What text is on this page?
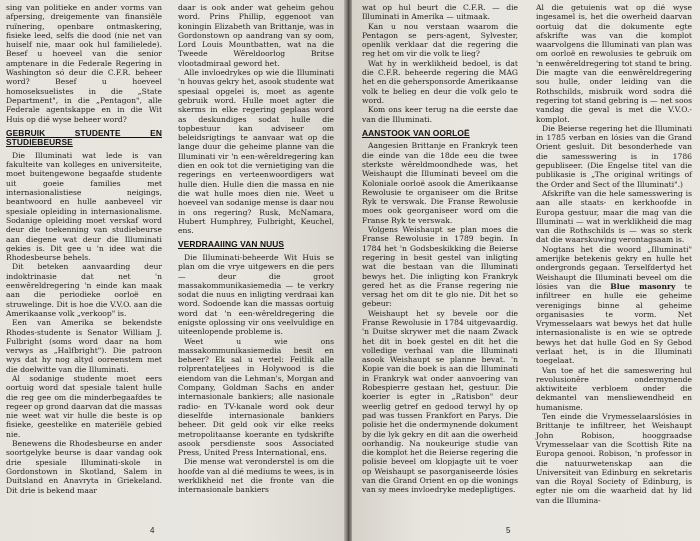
sing van politieke en ander vorms van afpersing, dreigemente van finansiële ruïnering, openbare ontmaskering, fisieke leed, selfs die dood (nie net van huiself nie, maar ook hul familielede). Besef u hoeveel van die senior amptenare in die Federale Regering in Washington só deur die C.F.R. beheer word? Besef u hoeveel homoseksuelistes in die „State Department", in die „Pentagon", alle Federale agentskappe en in die Wit Huis op dié wyse beheer word?

GEBRUIK STUDENTE EN STUDIEBEURSE

Die Illuminati wat lede is van fakulteite van kolleges en universiteite, moet buitengewone begaafde studente uit goeie families met internasionalistiese neigings, beantwoord en hulle aanbeveel vir spesiale opleiding in internasionalisme. Sodanige opleiding moet verskaf word deur die toekenning van studiebeurse aan diegene wat deur die Illuminati gekies is. Dit gee u 'n idee wat die Rhodesbeurse behels.

Dit beteken aanvaarding deur indoktrinasie dat net 'n eenwêreldregering 'n einde kan maak aan die periodieke oorloë en struwelinge. Dit is hoe die V.V.O. aan die Amerikaanse volk „verkoop" is.

Een van Amerika se bekendste Rhodes-studente is Senator William J. Fulbright (soms word daar na hom verwys as „Halfbright"). Die patroon wys dat hy nog altyd ooreenstem met die doelwitte van die Illuminati.

Al sodanige studente moet eers oortuig word dat spesiale talent hulle die reg gee om die minderbegaafdes te regeer op grond daarvan dat die massas nie weet wat vir hulle die beste is op fisieke, geestelike en materiële gebied nie.

Benewens die Rhodesbeurse en ander soortgelyke beurse is daar vandag ook drie spesiale Illuminati-skole in Gordonstown in Skotland, Salem in Duitsland en Anavryta in Griekeland. Dit drie is bekend maar

daar is ook ander wat geheim gehou word. Prins Phillip, eggenoot van koningin Elizabeth van Brittanje, was in Gordonstown op aandrang van sy oom, Lord Louis Mountbatten, wat na die Tweede Wêreldoorlog Britse vlootadmiraal geword het.

Alle invloedrykes op wie die Illuminati 'n houvas gekry het, asook studente wat spesiaal opgelei is, moet as agente gebruik word. Hulle moet agter die skerms in elke regering geplaas word as deskundiges sodat hulle die topbestuur kan adviseer om beleidsrigtings te aanvaar wat op die lange duur die geheime planne van die Illuminati vir 'n een-wêreldregering kan dien en ook tot die vernietiging van die regerings en verteenwoordigers wat hulle dien. Hulle dien die massa en nie die wat hulle moes dien nie. Weet u hoeveel van sodanige mense is daar nou in ons regering? Rusk, McNamara, Hubert Humphrey, Fulbright, Keuchel, ens.

VERDRAAIING VAN NUUS

Die Illuminati-beheerde Wit Huis se plan om die vrye uitgewers en die pers — deur die groot massakommunikasiemedia — te verkry sodat die nuus en inligting verdraai kan word. Sodoende kan die massas oortuig word dat 'n een-wêreldregering die enigste oplossing vir ons veelvuldige en uiteenlopende probleme is.

Weet u wie ons massakommunikasiemedia besit en beheer? Ek sal u vertel: Feitlik alle rolprentateljees in Holywood is die eiendom van die Lehman's, Morgan and Company, Goldman Sachs en ander internasionale bankiers; alle nasionale radio- en TV-kanale word ook deur dieselfde internasionale bankiers beheer. Dit geld ook vir elke reeks metropolitaanse koerante en tydskrifte asook persdienste soos Associated Press, United Press International, ens.

Die mense wat veronderstel is om die hoofde van al dié mediums te wees, is in werklikheid net die fronte van die internasionale bankiers

4

wat op hul beurt die C.F.R. — die Illuminati in Amerika — uitmaak.

Kan u nou verstaan waarom die Pentagon se pers-agent, Sylvester, openlik verklaar dat die regering die reg het om vir die volk te lieg?

Wat hy in werklikheid bedoel, is dat die C.F.R. beheerde regering die MAG het en die gehersponsorde Amerikaanse volk te belieg en deur die volk gelo te word.

Kom ons keer terug na die eerste dae van die Illuminati.

AANSTOOK VAN OORLOË

Aangesien Brittanje en Frankryk teen die einde van die 18de eeu die twee sterkste wêreldmoondhede was, het Weishaupt die Illuminati beveel om die Koloniale oorloë asook die Amerikaanse Rewolusie te organiseer om die Britse Ryk te verswak. Die Franse Rewolusie moes ook georganiseer word om die Franse Ryk te verswak.

Volgens Weishaupt se plan moes die Franse Rewolusie in 1789 begin. In 1784 het 'n Godsbeskikking die Beierse regering in besit gestel van inligting wat die bestaan van die Illuminati bewys het. Die inligting kon Frankryk gered het as die Franse regering nie versag het om dit te glo nie. Dit het so gebeur:

Weishaupt het sy bevele oor die Franse Rewolusie in 1784 uitgevaardig. 'n Duitse skrywer met die naam Zwack het dit in boek gestel en dit het die volledige verhaal van die Illuminati asook Weishaupt se planne bevat. 'n Kopie van die boek is aan die Illuminati in Frankryk wat onder aanvoering van Robespierre gestaan het, gestuur. Die koerier is egter in „Ratisbon" deur weerlig getref en gedood terwyl hy op pad was tussen Frankfort en Parys. Die polisie het die ondermynende dokument by die lyk gekry en dit aan die owerheid oorhandig. Na noukeurige studie van die komplot het die Beierse regering die polisie beveel om klopjagte uit te voer op Weishaupt se pasorganiseerde lósies van die Grand Orient en op die wonings van sy mees invloedryke medepligtiges.

Al die getuienis wat op dié wyse ingesamel is, het die owerheid daarvan oortuig dat die dokumente egte afskrifte was van die komplot waarvolgens die Illuminati van plan was om oorloë en rewolusies te gebruik om 'n eenwêreldregering tot stand te bring. Die magte van die eenwêreldregering sou hulle, onder leiding van die Rothschilds, misbruik word sodra dié regering tot stand gebring is — net soos vandag die geval is met die V.V.O.-komplot.

Die Beierse regering het die Illuminati in 1785 verban en lósies van die Grand Orient gesluit. Dit besonderhede van die samesswering is in 1786 gepubliseer. (Die Engelse titel van die publikasie is „The original writings of the Order and Sect of the Illuminati".)

Afskrifte van die hele samesswering is aan alle staats- en kerkhoofde in Europa gestuur, maar die mag van die Illuminati — wat in werklikheid die mag van die Rothschilds is — was so sterk dat die waarskuwing verontagsaam is.

Nogtans het die woord „Illuminati" amerijke betekenis gekry en hulle het ondergronds gegaan. Terselfdertyd het Weishaupt die Illuminati beveel om die lósies van die Blue masonry te infiltreer en hulle eie geheime verenigings binne al geheime organisasies te vorm. Net Vrymesselaars wat bewys het dat hulle internasionaliste is en wie se optrede bewys het dat hulle God en Sy Gebod verlaat het, is in die Illuminati toegelaat.

Van toe af het die sameswering hul revolusionêre ondermynende aktiwiteite verbloem onder die dekmantel van mensliewendheid en humanisme.

Ten einde die Vrymesselaarslósies in Brittanje te infiltreer, het Weishaupt John Robison, hooggraadse Vrymesselaar van die Scottish Rite na Europa genooi. Robison, 'n professor in die natuurwetenskap aan die Universiteit van Edinburg en sekretaris van die Royal Society of Edinburg, is egter nie om die waarheid dat hy lid van die Illumina-

5
